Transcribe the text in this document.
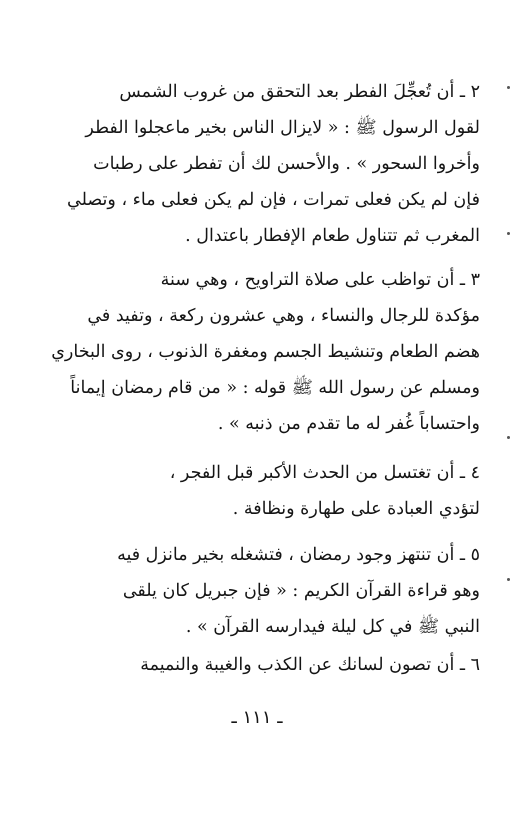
٢ ـ أن تُعجِّلَ الفطر بعد التحقق من غروب الشمس
لقول الرسول ﷺ : « لايزال الناس بخير ماعجلوا الفطر
وأخروا السحور » . والأحسن لك أن تفطر على رطبات
فإن لم يكن فعلى تمرات ، فإن لم يكن فعلى ماء ، وتصلي
المغرب ثم تتناول طعام الإفطار باعتدال .
٣ ـ أن تواظب على صلاة التراويح ، وهي سنة
مؤكدة للرجال والنساء ، وهي عشرون ركعة ، وتفيد في
هضم الطعام وتنشيط الجسم ومغفرة الذنوب ، روى البخاري
ومسلم عن رسول الله ﷺ قوله : « من قام رمضان إيماناً
واحتساباً غُفر له ما تقدم من ذنبه » .
٤ ـ أن تغتسل من الحدث الأكبر قبل الفجر ،
لتؤدي العبادة على طهارة ونظافة .
٥ ـ أن تنتهز وجود رمضان ، فتشغله بخير مانزل فيه
وهو قراءة القرآن الكريم : « فإن جبريل كان يلقى
النبي ﷺ في كل ليلة فيدارسه القرآن » .
٦ ـ أن تصون لسانك عن الكذب والغيبة والنميمة
ـ ١١١ ـ
